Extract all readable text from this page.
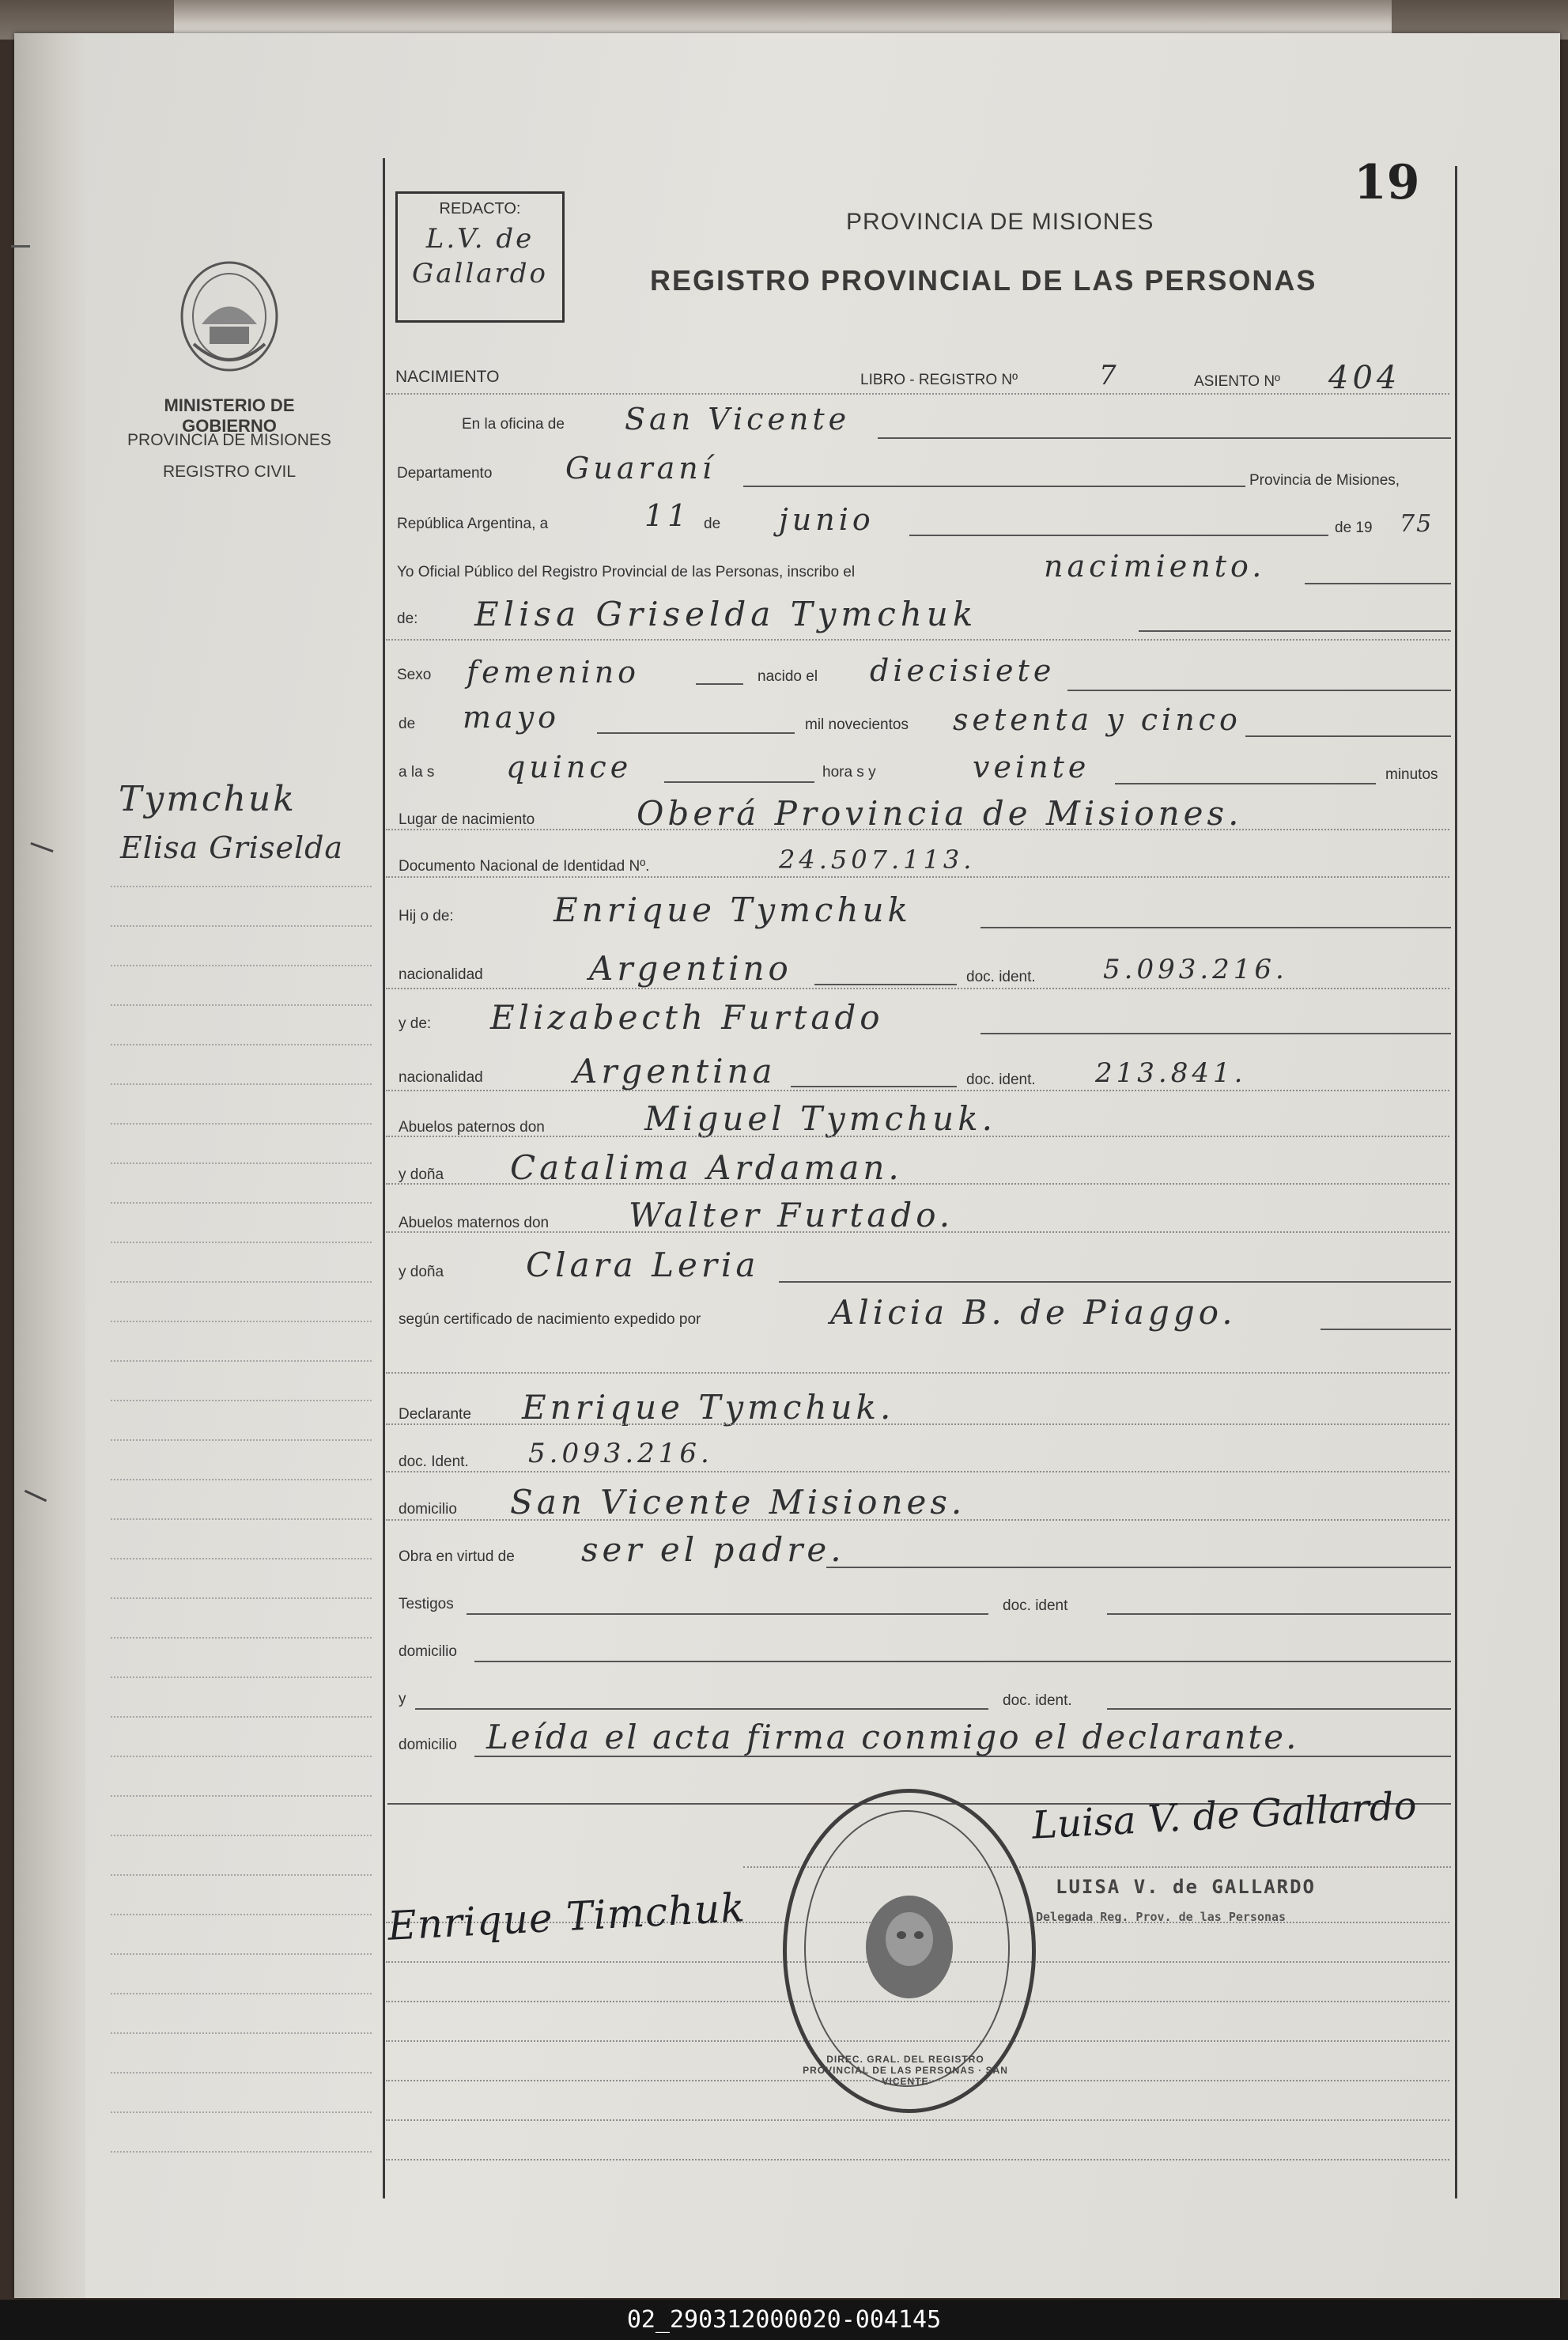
19
REDACTO:
L.V. de Gallardo
PROVINCIA DE MISIONES
REGISTRO PROVINCIAL DE LAS PERSONAS
MINISTERIO DE GOBIERNO
PROVINCIA DE MISIONES
REGISTRO CIVIL
Tymchuk
Elisa Griselda
NACIMIENTO	LIBRO - REGISTRO Nº	7	ASIENTO Nº 404
En la oficina de San Vicente
Departamento Guaraní	Provincia de Misiones,
República Argentina, a	11 de junio	de 19 75
Yo Oficial Público del Registro Provincial de las Personas, inscribo el	nacimiento.
de: Elisa Griselda Tymchuk
Sexo femenino	nacido el diecisiete
de mayo	mil novecientos setenta y cinco
a la s quince	hora s y	veinte	minutos
Lugar de nacimiento	Oberá Provincia de Misiones.
Documento Nacional de Identidad Nº.	24.507.113.
Hij o de:	Enrique Tymchuk
nacionalidad	Argentino	doc. ident.	5.093.216.
y de: Elizabecth Furtado
nacionalidad	Argentina	doc. ident. 213.841.
Abuelos paternos don	Miguel Tymchuk.
y doña Catalima Ardaman.
Abuelos maternos don Walter Furtado.
y doña Clara Leria
según certificado de nacimiento expedido por	Alicia B. de Piaggo.
Declarante Enrique Tymchuk.
doc. Ident. 5.093.216.
domicilio San Vicente Misiones.
Obra en virtud de ser el padre.
Testigos	doc. ident
domicilio
y	doc. ident.
domicilio Leída el acta firma conmigo el declarante.
Enrique Timchuk
Luisa V. de Gallardo
LUISA V. de GALLARDO
Delegada Reg. Prov. de las Personas
DIREC. GRAL. DEL REGISTRO PROVINCIAL DE LAS PERSONAS · SAN VICENTE
02_290312000020-004145
